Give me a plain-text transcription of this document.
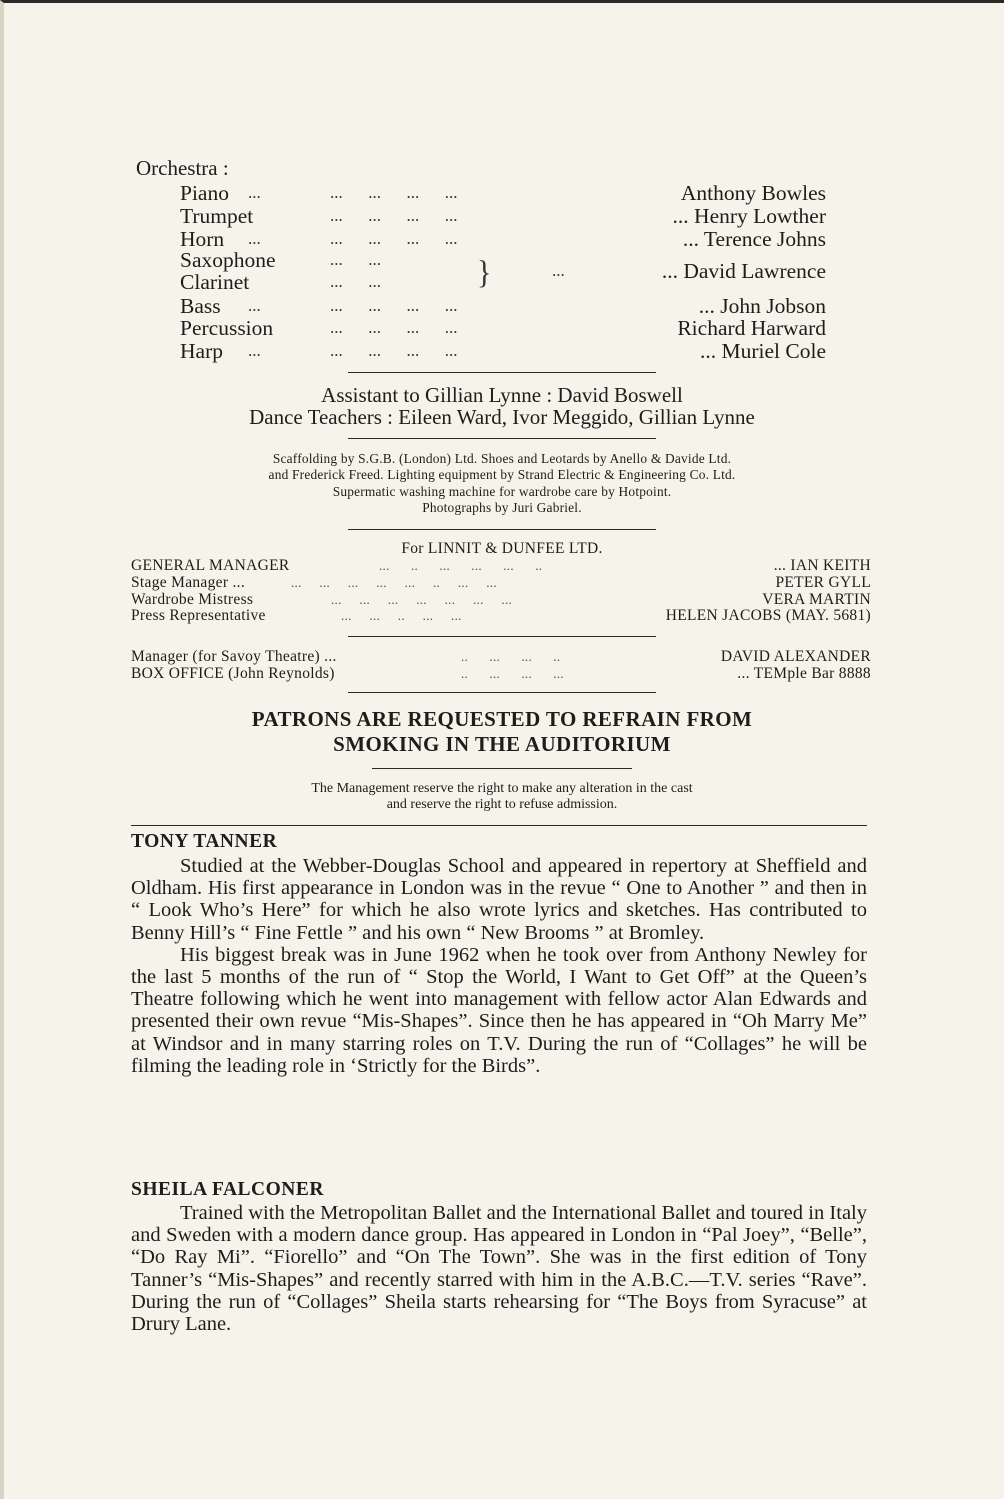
Orchestra :
Piano ...	...      ...      ...      ...	Anthony Bowles
Trumpet	...      ...      ...      ...	... Henry Lowther
Horn ...	...      ...      ...      ...	... Terence Johns
Saxophone	...      ...
Clarinet	...      ...	}	...	... David Lawrence
Bass ...	...      ...      ...      ...	... John Jobson
Percussion	...      ...      ...      ...	Richard Harward
Harp ...	...      ...      ...      ...	... Muriel Cole
Assistant to Gillian Lynne : David Boswell
Dance Teachers : Eileen Ward, Ivor Meggido, Gillian Lynne
Scaffolding by S.G.B. (London) Ltd. Shoes and Leotards by Anello & Davide Ltd.
and Frederick Freed. Lighting equipment by Strand Electric & Engineering Co. Ltd.
Supermatic washing machine for wardrobe care by Hotpoint.
Photographs by Juri Gabriel.
For LINNIT & DUNFEE LTD.
GENERAL MANAGER	...      ..      ...      ...      ...      ..	... IAN KEITH
Stage Manager ...	...     ...     ...     ...     ...     ..     ...     ...	PETER GYLL
Wardrobe Mistress	...     ...     ...     ...     ...     ...     ...	VERA MARTIN
Press Representative	...     ...     ..     ...     ...	HELEN JACOBS (MAY. 5681)
Manager (for Savoy Theatre) ...	..      ...      ...      ..	DAVID ALEXANDER
BOX OFFICE (John Reynolds)	..      ...      ...      ...	... TEMple Bar 8888
PATRONS ARE REQUESTED TO REFRAIN FROM
SMOKING IN THE AUDITORIUM
The Management reserve the right to make any alteration in the cast
and reserve the right to refuse admission.
TONY TANNER

Studied at the Webber-Douglas School and appeared in repertory at Sheffield and Oldham. His first appearance in London was in the revue “ One to Another ” and then in “ Look Who’s Here” for which he also wrote lyrics and sketches. Has contributed to Benny Hill’s “ Fine Fettle ” and his own “ New Brooms ” at Bromley.

His biggest break was in June 1962 when he took over from Anthony Newley for the last 5 months of the run of “ Stop the World, I Want to Get Off” at the Queen’s Theatre following which he went into management with fellow actor Alan Edwards and presented their own revue “Mis-Shapes”. Since then he has appeared in “Oh Marry Me” at Windsor and in many starring roles on T.V. During the run of “Collages” he will be filming the leading role in ‘Strictly for the Birds”.

SHEILA FALCONER

Trained with the Metropolitan Ballet and the International Ballet and toured in Italy and Sweden with a modern dance group. Has appeared in London in “Pal Joey”, “Belle”, “Do Ray Mi”. “Fiorello” and “On The Town”. She was in the first edition of Tony Tanner’s “Mis-Shapes” and recently starred with him in the A.B.C.—T.V. series “Rave”. During the run of “Collages” Sheila starts rehearsing for “The Boys from Syracuse” at Drury Lane.
